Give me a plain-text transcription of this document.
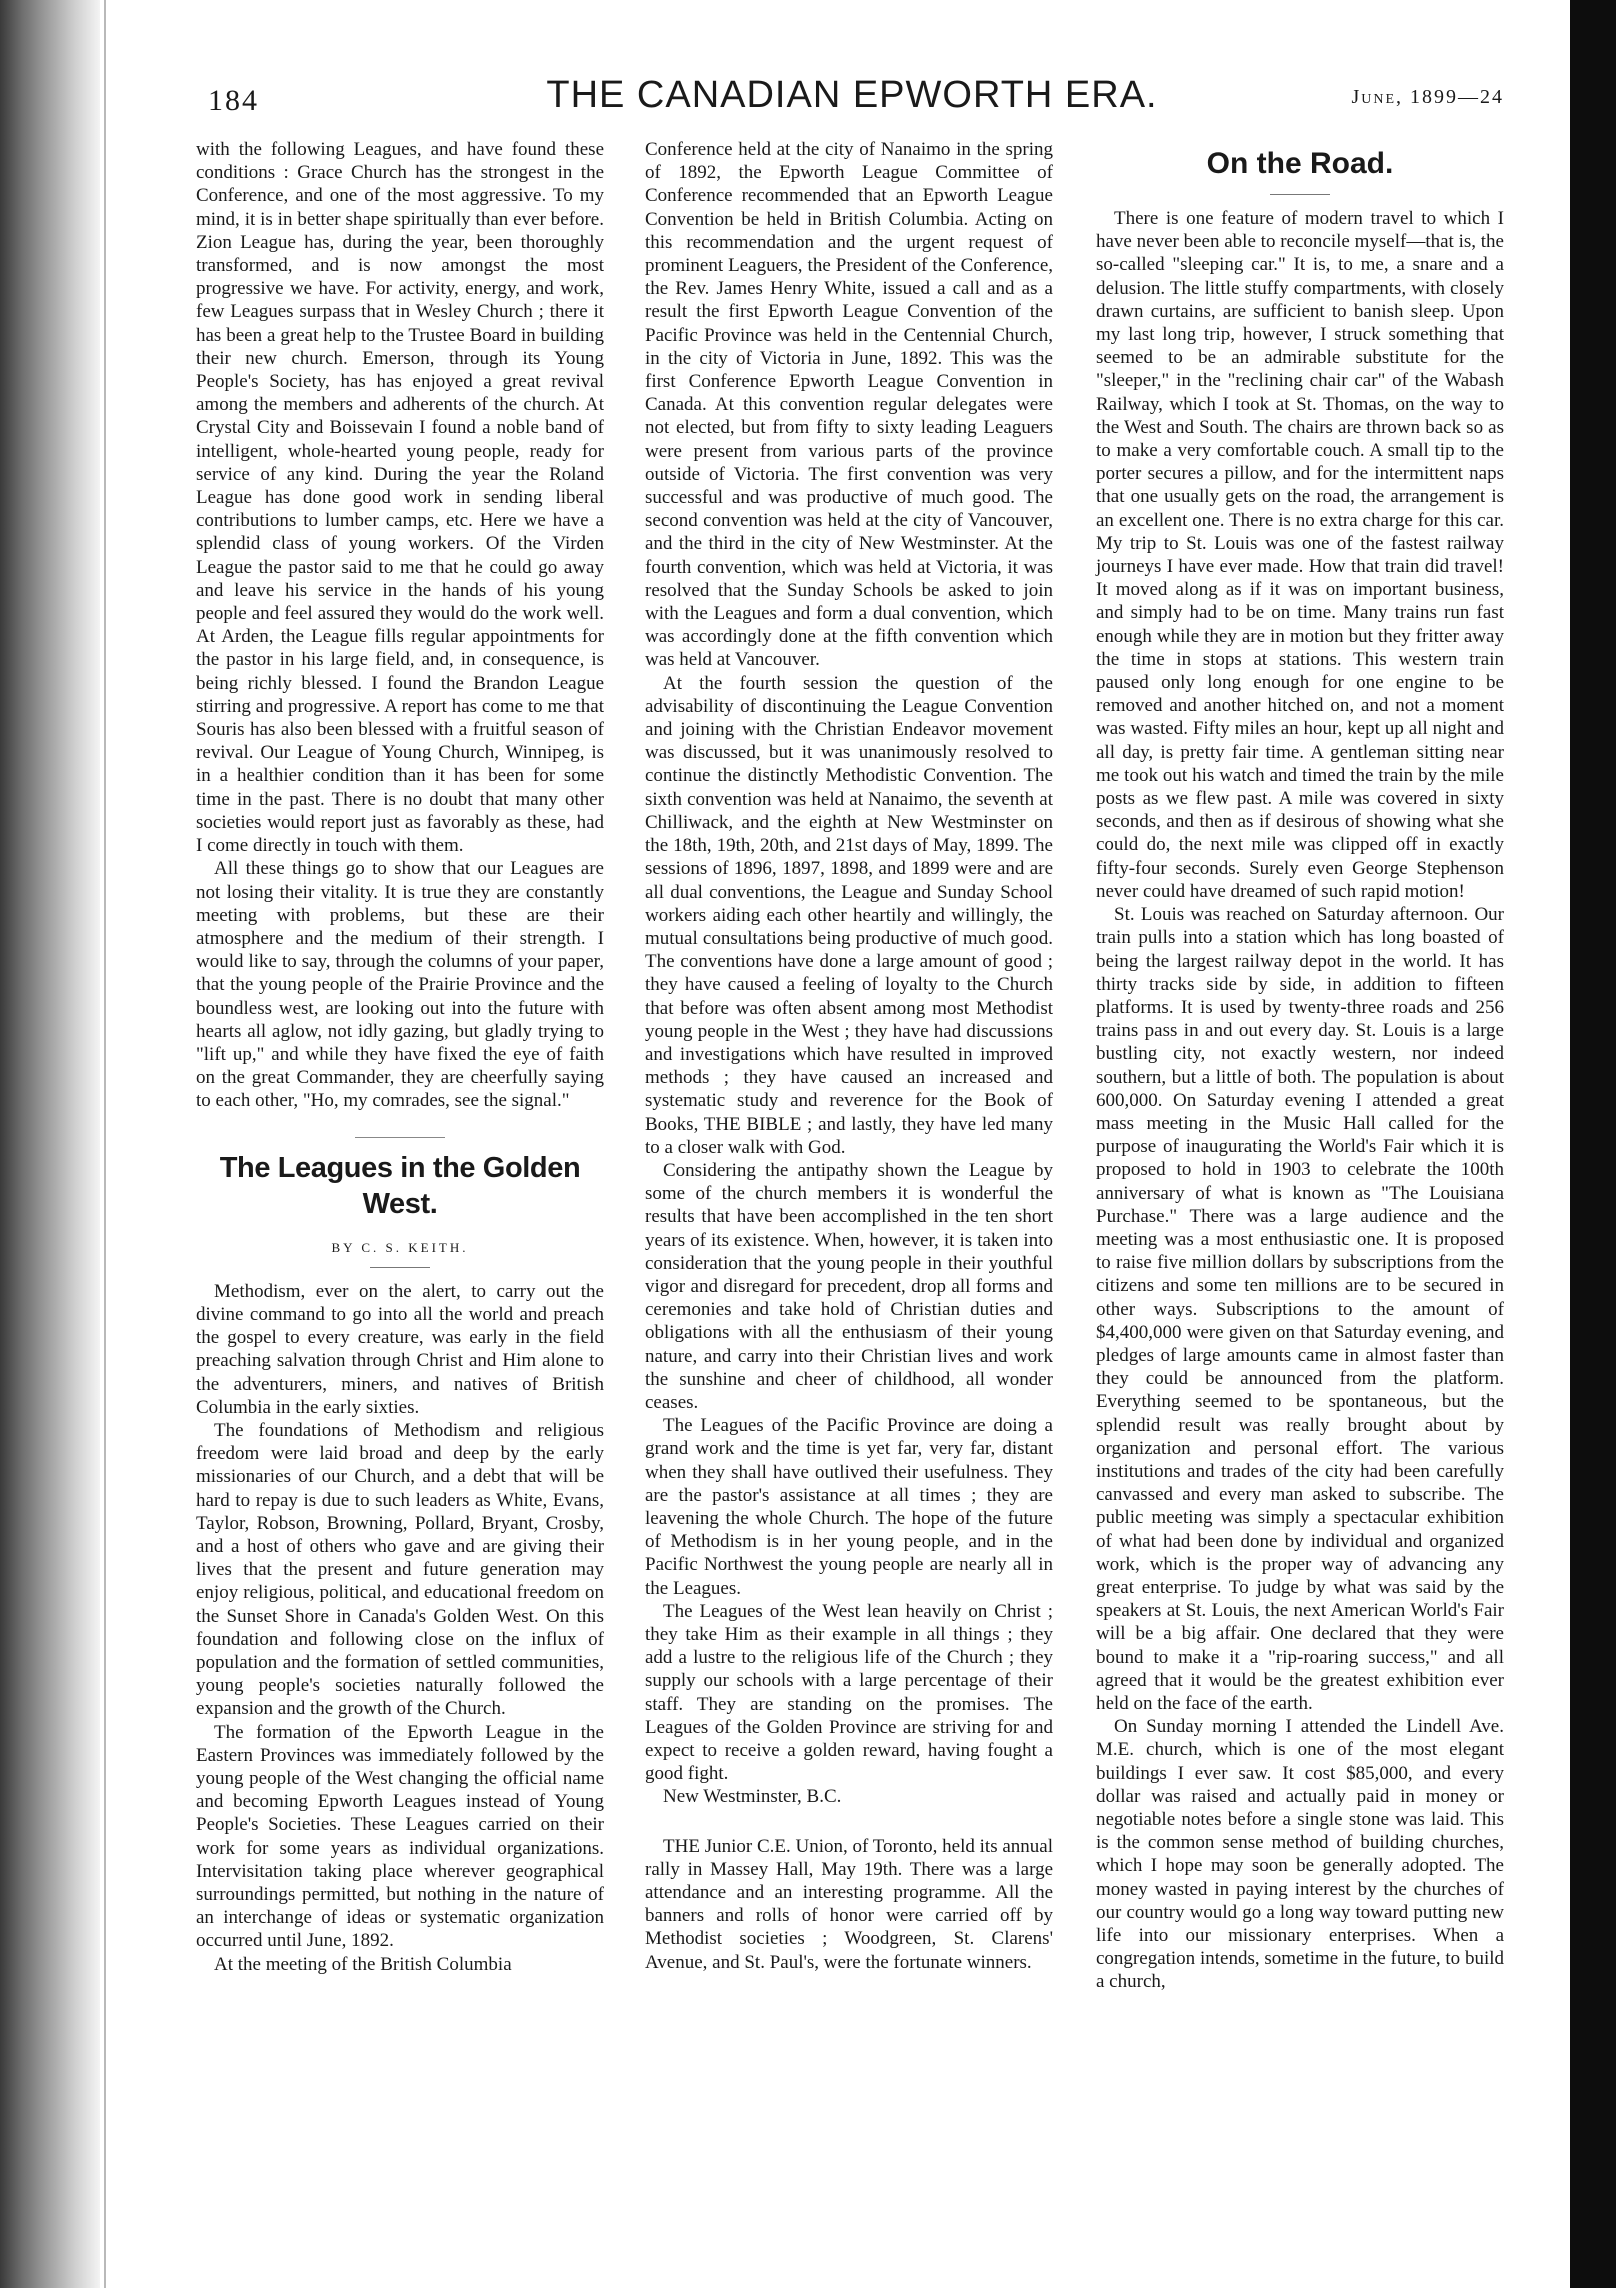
184	THE CANADIAN EPWORTH ERA.	June, 1899—24

with the following Leagues, and have found these conditions : Grace Church has the strongest in the Conference, and one of the most aggressive. To my mind, it is in better shape spiritually than ever before. Zion League has, during the year, been thoroughly transformed, and is now amongst the most progressive we have. For activity, energy, and work, few Leagues surpass that in Wesley Church ; there it has been a great help to the Trustee Board in building their new church. Emerson, through its Young People's Society, has has enjoyed a great revival among the members and adherents of the church. At Crystal City and Boissevain I found a noble band of intelligent, whole-hearted young people, ready for service of any kind. During the year the Roland League has done good work in sending liberal contributions to lumber camps, etc. Here we have a splendid class of young workers. Of the Virden League the pastor said to me that he could go away and leave his service in the hands of his young people and feel assured they would do the work well. At Arden, the League fills regular appointments for the pastor in his large field, and, in consequence, is being richly blessed. I found the Brandon League stirring and progressive. A report has come to me that Souris has also been blessed with a fruitful season of revival. Our League of Young Church, Winnipeg, is in a healthier condition than it has been for some time in the past. There is no doubt that many other societies would report just as favorably as these, had I come directly in touch with them.

All these things go to show that our Leagues are not losing their vitality. It is true they are constantly meeting with problems, but these are their atmosphere and the medium of their strength. I would like to say, through the columns of your paper, that the young people of the Prairie Province and the boundless west, are looking out into the future with hearts all aglow, not idly gazing, but gladly trying to "lift up," and while they have fixed the eye of faith on the great Commander, they are cheerfully saying to each other, "Ho, my comrades, see the signal."

The Leagues in the Golden West.
BY C. S. KEITH.

Methodism, ever on the alert, to carry out the divine command to go into all the world and preach the gospel to every creature, was early in the field preaching salvation through Christ and Him alone to the adventurers, miners, and natives of British Columbia in the early sixties.

The foundations of Methodism and religious freedom were laid broad and deep by the early missionaries of our Church, and a debt that will be hard to repay is due to such leaders as White, Evans, Taylor, Robson, Browning, Pollard, Bryant, Crosby, and a host of others who gave and are giving their lives that the present and future generation may enjoy religious, political, and educational freedom on the Sunset Shore in Canada's Golden West. On this foundation and following close on the influx of population and the formation of settled communities, young people's societies naturally followed the expansion and the growth of the Church.

The formation of the Epworth League in the Eastern Provinces was immediately followed by the young people of the West changing the official name and becoming Epworth Leagues instead of Young People's Societies. These Leagues carried on their work for some years as individual organizations. Intervisitation taking place wherever geographical surroundings permitted, but nothing in the nature of an interchange of ideas or systematic organization occurred until June, 1892.

At the meeting of the British Columbia

Conference held at the city of Nanaimo in the spring of 1892, the Epworth League Committee of Conference recommended that an Epworth League Convention be held in British Columbia. Acting on this recommendation and the urgent request of prominent Leaguers, the President of the Conference, the Rev. James Henry White, issued a call and as a result the first Epworth League Convention of the Pacific Province was held in the Centennial Church, in the city of Victoria in June, 1892. This was the first Conference Epworth League Convention in Canada. At this convention regular delegates were not elected, but from fifty to sixty leading Leaguers were present from various parts of the province outside of Victoria. The first convention was very successful and was productive of much good. The second convention was held at the city of Vancouver, and the third in the city of New Westminster. At the fourth convention, which was held at Victoria, it was resolved that the Sunday Schools be asked to join with the Leagues and form a dual convention, which was accordingly done at the fifth convention which was held at Vancouver.

At the fourth session the question of the advisability of discontinuing the League Convention and joining with the Christian Endeavor movement was discussed, but it was unanimously resolved to continue the distinctly Methodistic Convention. The sixth convention was held at Nanaimo, the seventh at Chilliwack, and the eighth at New Westminster on the 18th, 19th, 20th, and 21st days of May, 1899. The sessions of 1896, 1897, 1898, and 1899 were and are all dual conventions, the League and Sunday School workers aiding each other heartily and willingly, the mutual consultations being productive of much good. The conventions have done a large amount of good ; they have caused a feeling of loyalty to the Church that before was often absent among most Methodist young people in the West ; they have had discussions and investigations which have resulted in improved methods ; they have caused an increased and systematic study and reverence for the Book of Books, THE BIBLE ; and lastly, they have led many to a closer walk with God.

Considering the antipathy shown the League by some of the church members it is wonderful the results that have been accomplished in the ten short years of its existence. When, however, it is taken into consideration that the young people in their youthful vigor and disregard for precedent, drop all forms and ceremonies and take hold of Christian duties and obligations with all the enthusiasm of their young nature, and carry into their Christian lives and work the sunshine and cheer of childhood, all wonder ceases.

The Leagues of the Pacific Province are doing a grand work and the time is yet far, very far, distant when they shall have outlived their usefulness. They are the pastor's assistance at all times ; they are leavening the whole Church. The hope of the future of Methodism is in her young people, and in the Pacific Northwest the young people are nearly all in the Leagues.

The Leagues of the West lean heavily on Christ ; they take Him as their example in all things ; they add a lustre to the religious life of the Church ; they supply our schools with a large percentage of their staff. They are standing on the promises. The Leagues of the Golden Province are striving for and expect to receive a golden reward, having fought a good fight.

New Westminster, B.C.

THE Junior C.E. Union, of Toronto, held its annual rally in Massey Hall, May 19th. There was a large attendance and an interesting programme. All the banners and rolls of honor were carried off by Methodist societies ; Woodgreen, St. Clarens' Avenue, and St. Paul's, were the fortunate winners.

On the Road.

There is one feature of modern travel to which I have never been able to reconcile myself—that is, the so-called "sleeping car." It is, to me, a snare and a delusion. The little stuffy compartments, with closely drawn curtains, are sufficient to banish sleep. Upon my last long trip, however, I struck something that seemed to be an admirable substitute for the "sleeper," in the "reclining chair car" of the Wabash Railway, which I took at St. Thomas, on the way to the West and South. The chairs are thrown back so as to make a very comfortable couch. A small tip to the porter secures a pillow, and for the intermittent naps that one usually gets on the road, the arrangement is an excellent one. There is no extra charge for this car. My trip to St. Louis was one of the fastest railway journeys I have ever made. How that train did travel! It moved along as if it was on important business, and simply had to be on time. Many trains run fast enough while they are in motion but they fritter away the time in stops at stations. This western train paused only long enough for one engine to be removed and another hitched on, and not a moment was wasted. Fifty miles an hour, kept up all night and all day, is pretty fair time. A gentleman sitting near me took out his watch and timed the train by the mile posts as we flew past. A mile was covered in sixty seconds, and then as if desirous of showing what she could do, the next mile was clipped off in exactly fifty-four seconds. Surely even George Stephenson never could have dreamed of such rapid motion!

St. Louis was reached on Saturday afternoon. Our train pulls into a station which has long boasted of being the largest railway depot in the world. It has thirty tracks side by side, in addition to fifteen platforms. It is used by twenty-three roads and 256 trains pass in and out every day. St. Louis is a large bustling city, not exactly western, nor indeed southern, but a little of both. The population is about 600,000. On Saturday evening I attended a great mass meeting in the Music Hall called for the purpose of inaugurating the World's Fair which it is proposed to hold in 1903 to celebrate the 100th anniversary of what is known as "The Louisiana Purchase." There was a large audience and the meeting was a most enthusiastic one. It is proposed to raise five million dollars by subscriptions from the citizens and some ten millions are to be secured in other ways. Subscriptions to the amount of $4,400,000 were given on that Saturday evening, and pledges of large amounts came in almost faster than they could be announced from the platform. Everything seemed to be spontaneous, but the splendid result was really brought about by organization and personal effort. The various institutions and trades of the city had been carefully canvassed and every man asked to subscribe. The public meeting was simply a spectacular exhibition of what had been done by individual and organized work, which is the proper way of advancing any great enterprise. To judge by what was said by the speakers at St. Louis, the next American World's Fair will be a big affair. One declared that they were bound to make it a "rip-roaring success," and all agreed that it would be the greatest exhibition ever held on the face of the earth.

On Sunday morning I attended the Lindell Ave. M.E. church, which is one of the most elegant buildings I ever saw. It cost $85,000, and every dollar was raised and actually paid in money or negotiable notes before a single stone was laid. This is the common sense method of building churches, which I hope may soon be generally adopted. The money wasted in paying interest by the churches of our country would go a long way toward putting new life into our missionary enterprises. When a congregation intends, sometime in the future, to build a church,
